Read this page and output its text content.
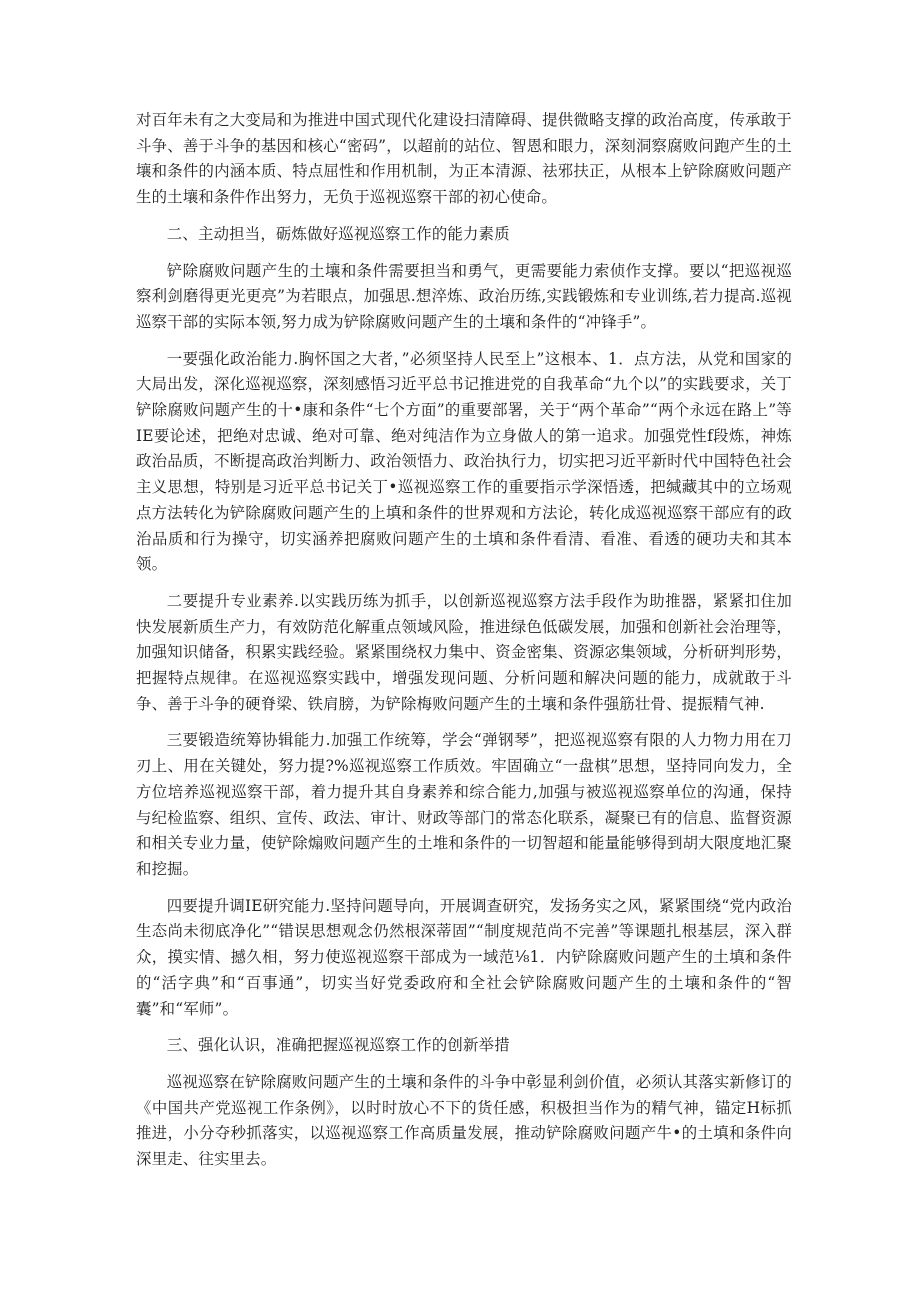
对百年未有之大变局和为推进中国式现代化建设扫清障碍、提供微略支撑的政治高度，传承敢于斗争、善于斗争的基因和核心“密码”，以超前的站位、智恩和眼力，深刻洞察腐败问跑产生的土壤和条件的内涵本质、特点屈性和作用机制，为正本清源、祛邪扶正，从根本上铲除腐败问题产生的土壤和条件作出努力，无负于巡视巡察干部的初心使命。

二、主动担当，砺炼做好巡视巡察工作的能力素质

铲除腐败问题产生的土壤和条件需要担当和勇气，更需要能力索侦作支撑。要以“把巡视巡察利剑磨得更光更亮”为若眼点，加强思.想淬炼、政治历练,实践锻炼和专业训练,若力提高.巡视巡察干部的实际本领,努力成为铲除腐败问题产生的土壤和条件的“冲锋手”。

一要强化政治能力.胸怀国之大者，”必须坚持人民至上”这根本、1．点方法，从党和国家的大局出发，深化巡视巡察，深刻感悟习近平总书记推进党的自我革命“九个以”的实践要求，关丁铲除腐败问题产生的十•康和条件“七个方面”的重要部署，关于“两个革命”“两个永远在路上”等IE要论述，把绝对忠诚、绝对可靠、绝对纯洁作为立身做人的第一追求。加强党性f段炼，神炼政治品质，不断提高政治判断力、政治领悟力、政治执行力，切实把习近平新时代中国特色社会主义思想，特别是习近平总书记关丁•巡视巡察工作的重要指示学深悟透，把缄藏其中的立场观点方法转化为铲除腐败问题产生的上填和条件的世界观和方法论，转化成巡视巡察干部应有的政治品质和行为操守，切实涵养把腐败问题产生的土填和条件看清、看准、看透的硬功夫和其本领。

二要提升专业素养.以实践历练为抓手，以创新巡视巡察方法手段作为助推器，紧紧扣住加快发展新质生产力，有效防范化解重点领域风险，推进绿色低碳发展，加强和创新社会治理等，加强知识储备，积累实践经验。紧紧围绕权力集中、资金密集、资源宓集领域，分析研判形势，把握特点规律。在巡视巡察实践中，增强发现问题、分析问题和解决问题的能力，成就敢于斗争、善于斗争的硬脊梁、铁肩膀，为铲除梅败问题产生的土壤和条件强筋壮骨、提振精气神.

三要锻造统筹协辑能力.加强工作统筹，学会“弹钢琴”，把巡视巡察有限的人力物力用在刀刃上、用在关键处，努力提?%巡视巡察工作质效。牢固确立“一盘棋”思想，坚持同向发力，全方位培养巡视巡察干部，着力提升其自身素养和综合能力,加强与被巡视巡察单位的沟通，保持与纪检监察、组织、宣传、政法、审计、财政等部门的常态化联系，凝聚已有的信息、监督资源和相关专业力量，使铲除煽败问题产生的土堆和条件的一切智超和能量能够得到胡大限度地汇聚和挖掘。

四要提升调IE研究能力.坚持问题导向，开展调查研究，发扬务实之风，紧紧围绕“党内政治生态尚未彻底净化”“错误思想观念仍然根深蒂固”“制度规范尚不完善”等课题扎根基层，深入群众，摸实情、撼久相，努力使巡视巡察干部成为一域范⅛1．内铲除腐败问题产生的土填和条件的“活字典”和“百事通”，切实当好党委政府和全社会铲除腐败问题产生的土壤和条件的“智囊”和“军师”。

三、强化认识，准确把握巡视巡察工作的创新举措

巡视巡察在铲除腐败问题产生的土壤和条件的斗争中彰显利剑价值，必须认其落实新修订的《中国共产党巡视工作条例》，以时时放心不下的货任感，积极担当作为的精气神，锚定H标抓推进，小分夺秒抓落实，以巡视巡察工作高质量发展，推动铲除腐败问题产牛•的土填和条件向深里走、往实里去。
